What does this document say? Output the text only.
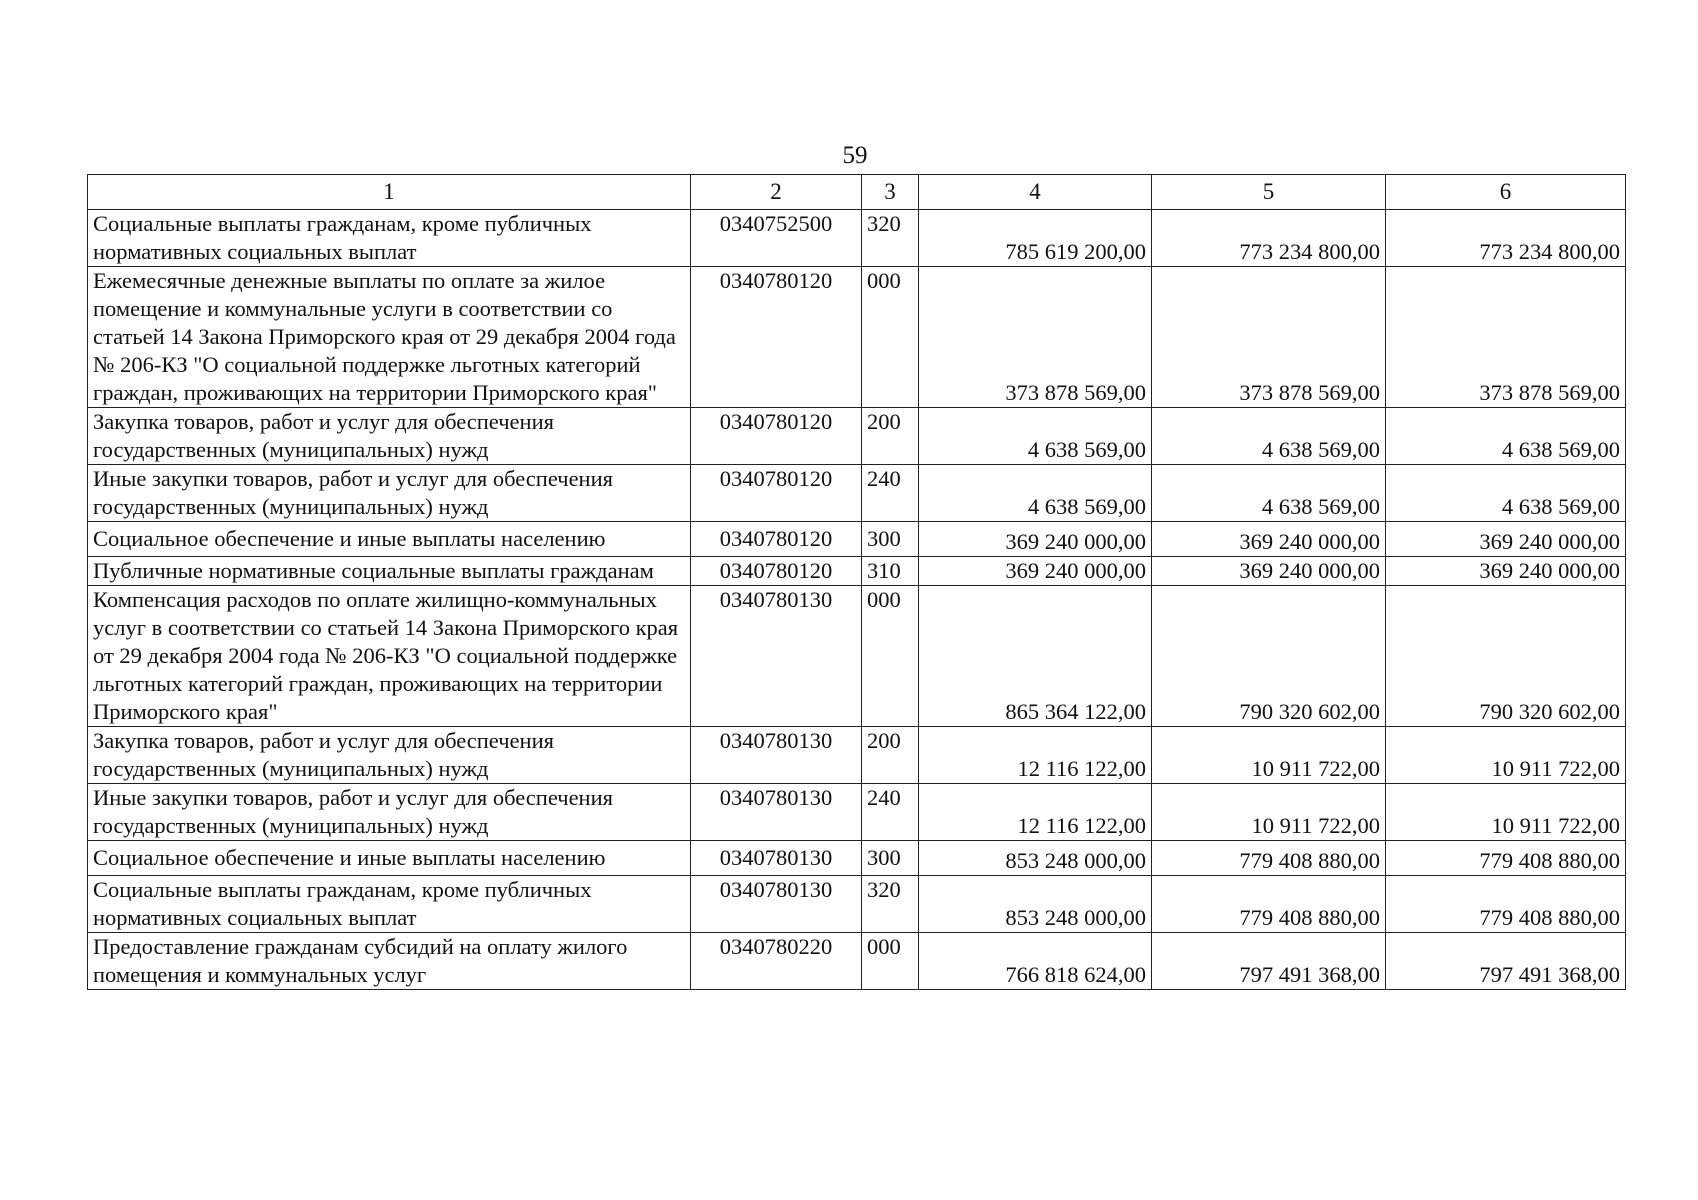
59
1	2	3	4	5	6
Социальные выплаты гражданам, кроме публичных нормативных социальных выплат	0340752500	320	785 619 200,00	773 234 800,00	773 234 800,00
Ежемесячные денежные выплаты по оплате за жилое помещение и коммунальные услуги в соответствии со статьей 14 Закона Приморского края от 29 декабря 2004 года № 206-КЗ "О социальной поддержке льготных категорий граждан, проживающих на территории Приморского края"	0340780120	000	373 878 569,00	373 878 569,00	373 878 569,00
Закупка товаров, работ и услуг для обеспечения государственных (муниципальных) нужд	0340780120	200	4 638 569,00	4 638 569,00	4 638 569,00
Иные закупки товаров, работ и услуг для обеспечения государственных (муниципальных) нужд	0340780120	240	4 638 569,00	4 638 569,00	4 638 569,00
Социальное обеспечение и иные выплаты населению	0340780120	300	369 240 000,00	369 240 000,00	369 240 000,00
Публичные нормативные социальные выплаты гражданам	0340780120	310	369 240 000,00	369 240 000,00	369 240 000,00
Компенсация расходов по оплате жилищно-коммунальных услуг в соответствии со статьей 14 Закона Приморского края от 29 декабря 2004 года № 206-КЗ "О социальной поддержке льготных категорий граждан, проживающих на территории Приморского края"	0340780130	000	865 364 122,00	790 320 602,00	790 320 602,00
Закупка товаров, работ и услуг для обеспечения государственных (муниципальных) нужд	0340780130	200	12 116 122,00	10 911 722,00	10 911 722,00
Иные закупки товаров, работ и услуг для обеспечения государственных (муниципальных) нужд	0340780130	240	12 116 122,00	10 911 722,00	10 911 722,00
Социальное обеспечение и иные выплаты населению	0340780130	300	853 248 000,00	779 408 880,00	779 408 880,00
Социальные выплаты гражданам, кроме публичных нормативных социальных выплат	0340780130	320	853 248 000,00	779 408 880,00	779 408 880,00
Предоставление гражданам субсидий на оплату жилого помещения и коммунальных услуг	0340780220	000	766 818 624,00	797 491 368,00	797 491 368,00
